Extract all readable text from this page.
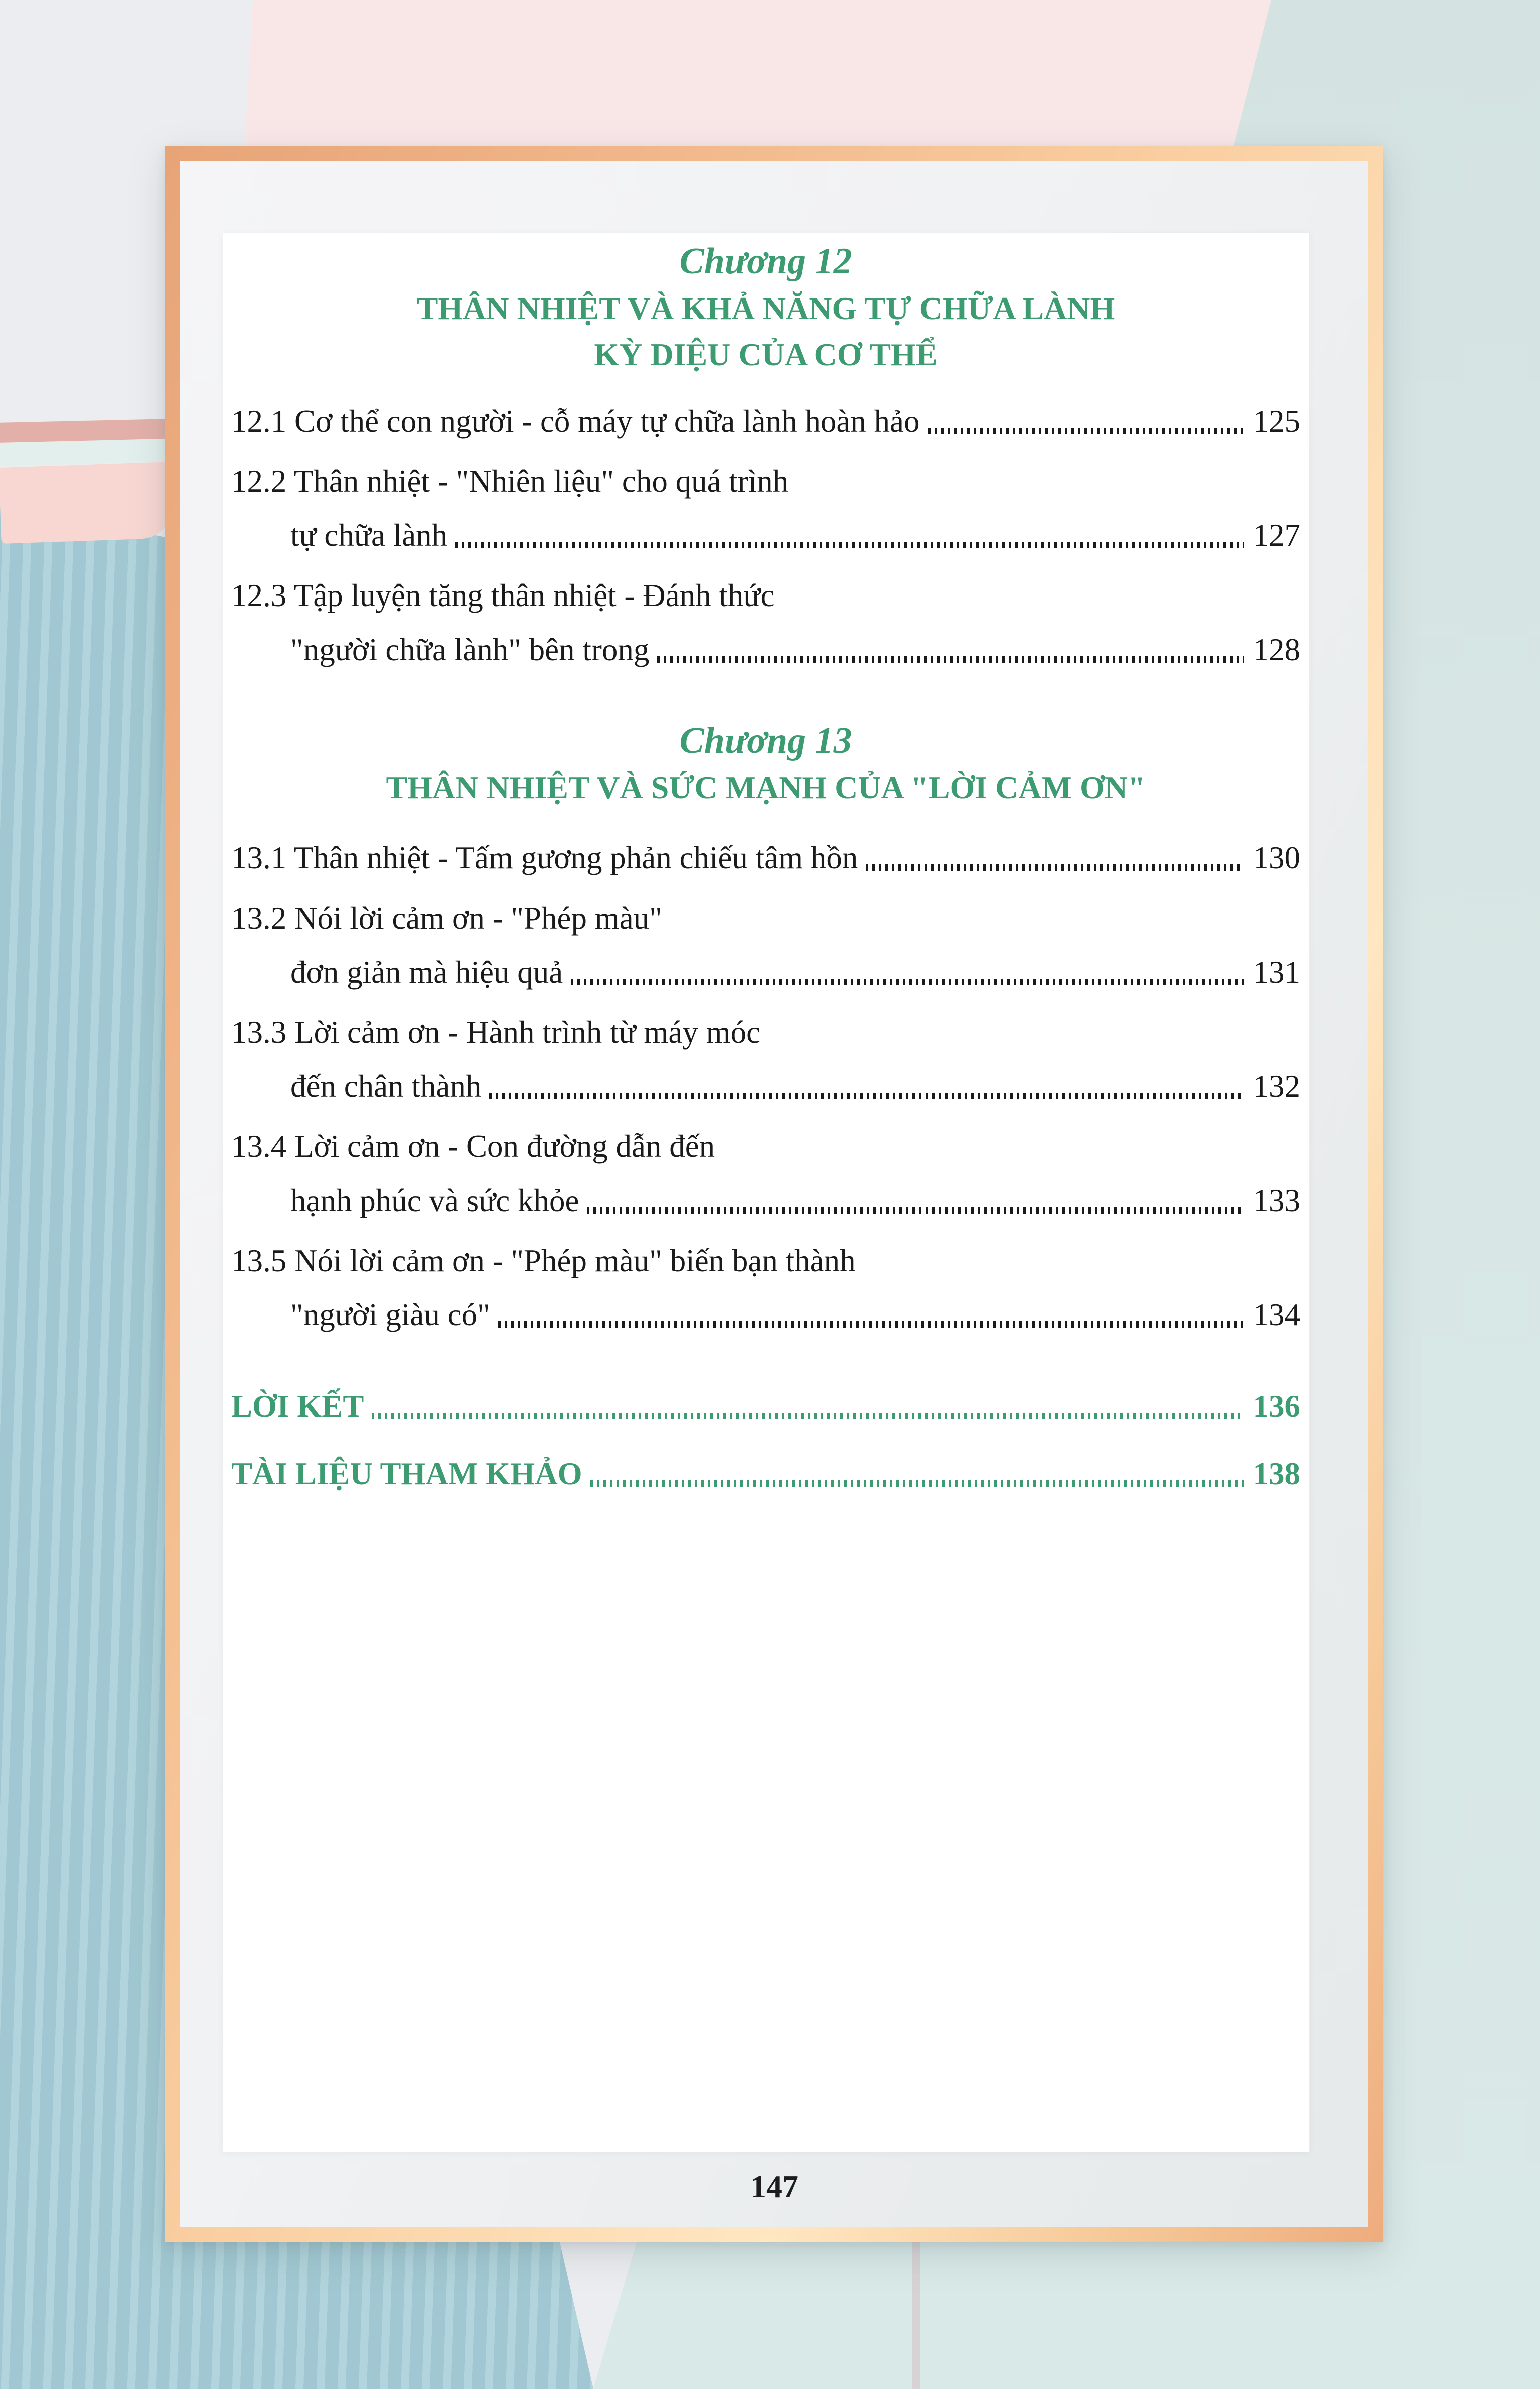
Chương 12
THÂN NHIỆT VÀ KHẢ NĂNG TỰ CHỮA LÀNH
KỲ DIỆU CỦA CƠ THỂ
12.1 Cơ thể con người - cỗ máy tự chữa lành hoàn hảo	125
12.2 Thân nhiệt - "Nhiên liệu" cho quá trình
tự chữa lành	127
12.3 Tập luyện tăng thân nhiệt - Đánh thức
"người chữa lành" bên trong	128
Chương 13
THÂN NHIỆT VÀ SỨC MẠNH CỦA "LỜI CẢM ƠN"
13.1 Thân nhiệt - Tấm gương phản chiếu tâm hồn	130
13.2 Nói lời cảm ơn - "Phép màu"
đơn giản mà hiệu quả	131
13.3 Lời cảm ơn - Hành trình từ máy móc
đến chân thành	132
13.4 Lời cảm ơn - Con đường dẫn đến
hạnh phúc và sức khỏe	133
13.5 Nói lời cảm ơn - "Phép màu" biến bạn thành
"người giàu có"	134
LỜI KẾT	136
TÀI LIỆU THAM KHẢO	138
147
